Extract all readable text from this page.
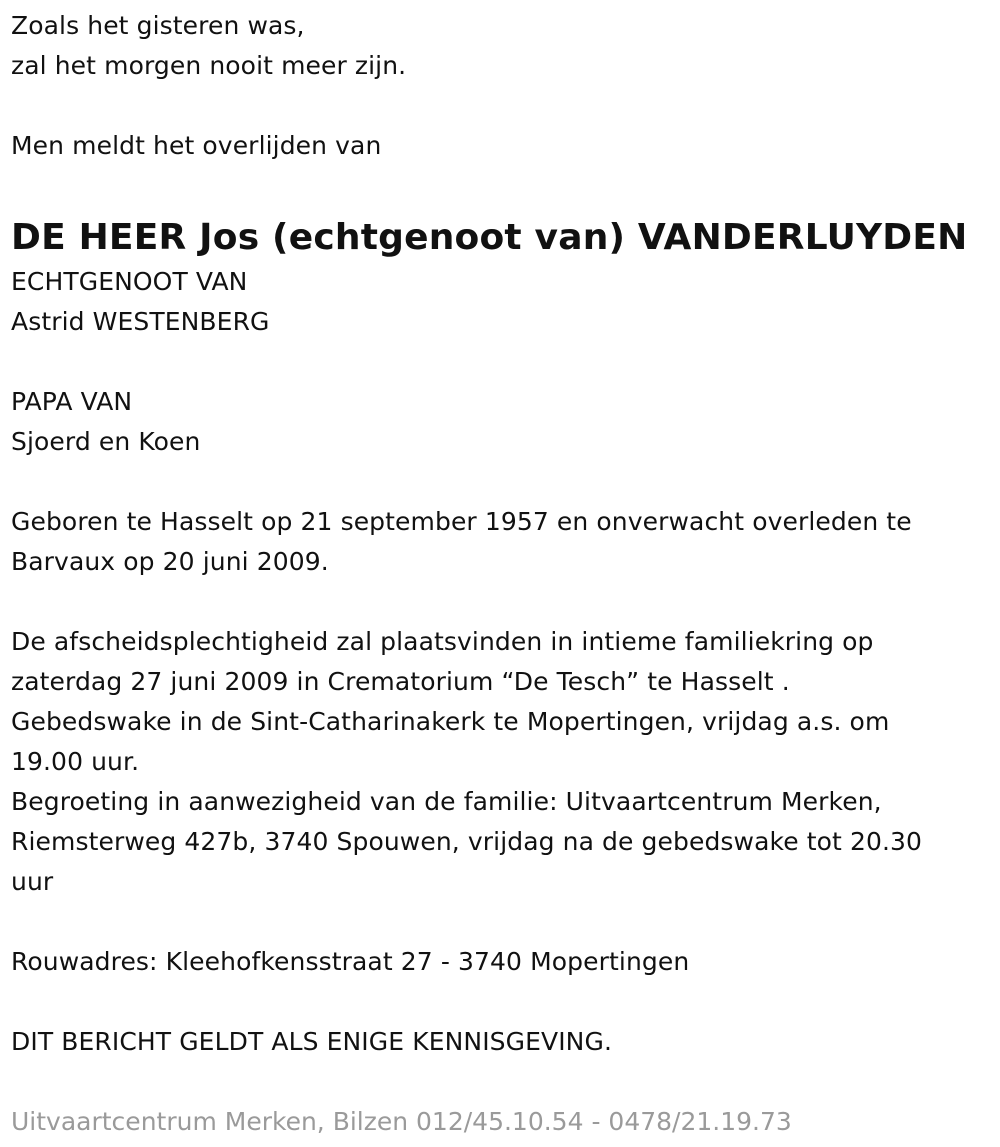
Zoals het gisteren was,
zal het morgen nooit meer zijn.
Men meldt het overlijden van
DE HEER Jos (echtgenoot van) VANDERLUYDEN
ECHTGENOOT VAN
Astrid WESTENBERG
PAPA VAN
Sjoerd en Koen
Geboren te Hasselt op 21 september 1957 en onverwacht overleden te
Barvaux op 20 juni 2009.
De afscheidsplechtigheid zal plaatsvinden in intieme familiekring op
zaterdag 27 juni 2009 in Crematorium “De Tesch” te Hasselt .
Gebedswake in de Sint-Catharinakerk te Mopertingen, vrijdag a.s. om
19.00 uur.
Begroeting in aanwezigheid van de familie: Uitvaartcentrum Merken,
Riemsterweg 427b, 3740 Spouwen, vrijdag na de gebedswake tot 20.30
uur
Rouwadres: Kleehofkensstraat 27 - 3740 Mopertingen
DIT BERICHT GELDT ALS ENIGE KENNISGEVING.
Uitvaartcentrum Merken, Bilzen 012/45.10.54 - 0478/21.19.73
